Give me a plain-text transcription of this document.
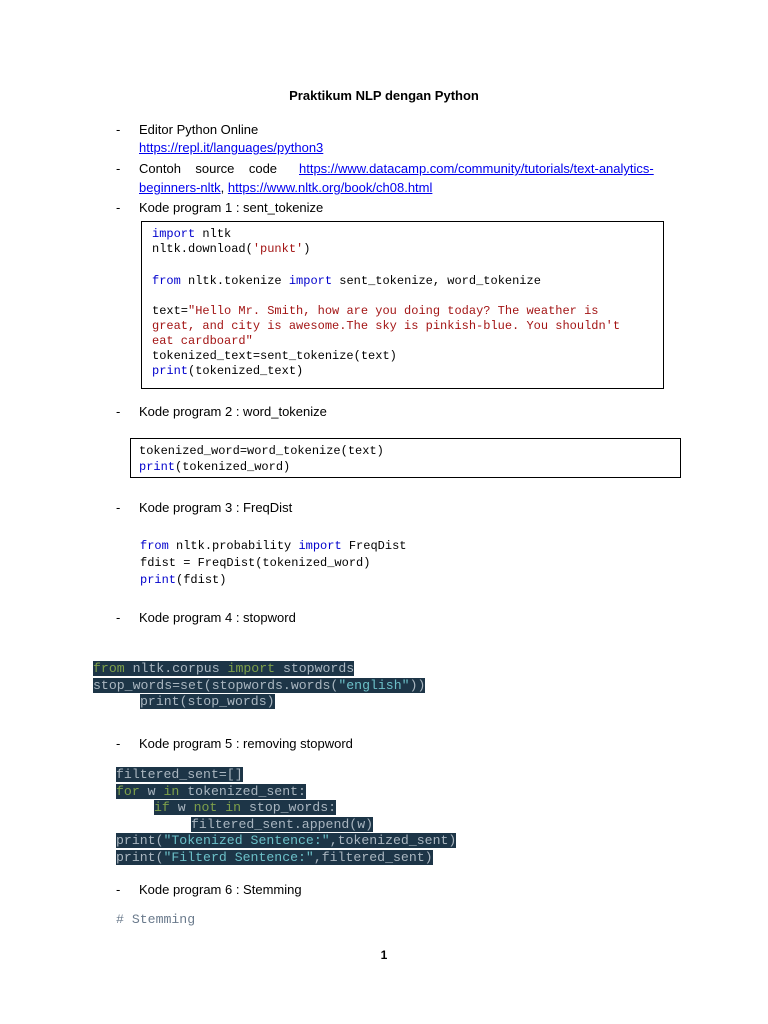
Praktikum NLP dengan Python
- Editor Python Online
https://repl.it/languages/python3
- Contoh    source    code https://www.datacamp.com/community/tutorials/text-analytics-
beginners-nltk, https://www.nltk.org/book/ch08.html
- Kode program 1 : sent_tokenize
import nltk
nltk.download('punkt')
from nltk.tokenize import sent_tokenize, word_tokenize
text="Hello Mr. Smith, how are you doing today? The weather is
great, and city is awesome.The sky is pinkish-blue. You shouldn't
eat cardboard"
tokenized_text=sent_tokenize(text)
print(tokenized_text)
- Kode program 2 : word_tokenize
tokenized_word=word_tokenize(text)
print(tokenized_word)
- Kode program 3 : FreqDist
from nltk.probability import FreqDist
fdist = FreqDist(tokenized_word)
print(fdist)
- Kode program 4 : stopword
from nltk.corpus import stopwords
stop_words=set(stopwords.words("english"))
print(stop_words)
- Kode program 5 : removing stopword
filtered_sent=[]
for w in tokenized_sent:
if w not in stop_words:
filtered_sent.append(w)
print("Tokenized Sentence:",tokenized_sent)
print("Filterd Sentence:",filtered_sent)
- Kode program 6 : Stemming
# Stemming
1
